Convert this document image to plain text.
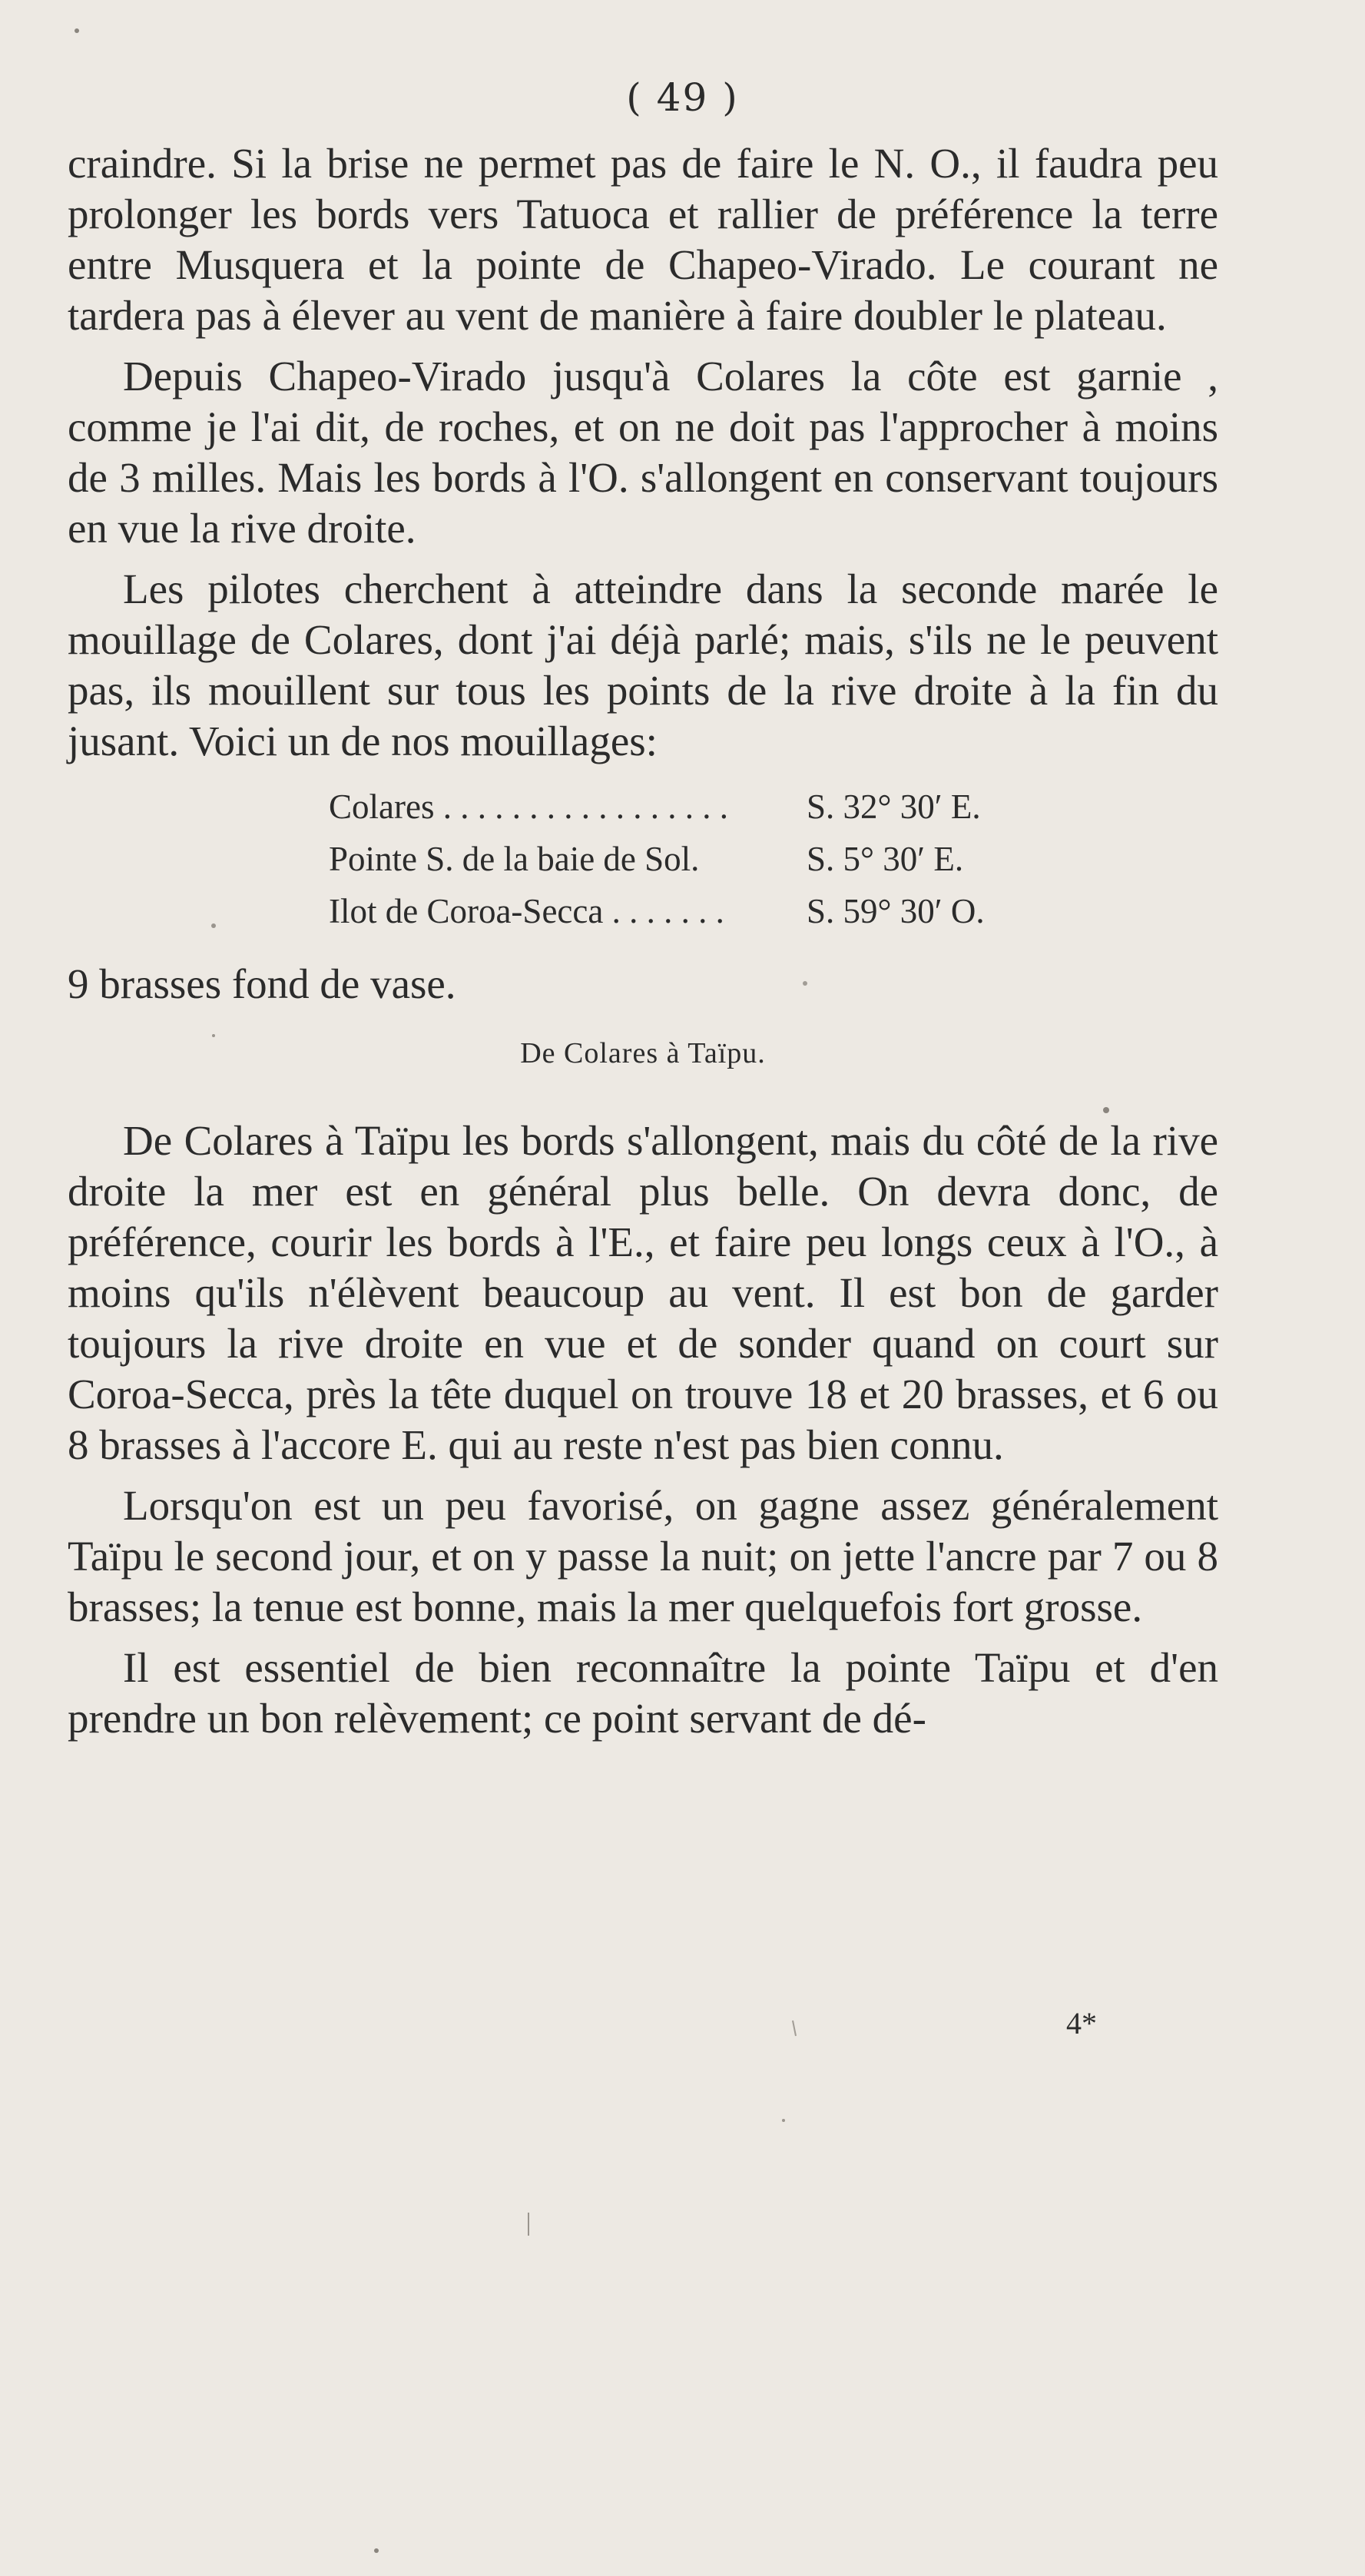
( 49 )

craindre. Si la brise ne permet pas de faire le N. O., il faudra peu prolonger les bords vers Tatuoca et rallier de préférence la terre entre Musquera et la pointe de Chapeo-Virado. Le courant ne tardera pas à élever au vent de manière à faire doubler le plateau.

Depuis Chapeo-Virado jusqu'à Colares la côte est garnie , comme je l'ai dit, de roches, et on ne doit pas l'approcher à moins de 3 milles. Mais les bords à l'O. s'allongent en conservant toujours en vue la rive droite.

Les pilotes cherchent à atteindre dans la seconde marée le mouillage de Colares, dont j'ai déjà parlé; mais, s'ils ne le peuvent pas, ils mouillent sur tous les points de la rive droite à la fin du jusant. Voici un de nos mouillages:

Colares . . . . . . . . . . . . . . . . .	S. 32° 30′ E.
Pointe S. de la baie de Sol.	S. 5° 30′ E.
Ilot de Coroa-Secca . . . . . . .	S. 59° 30′ O.

9 brasses fond de vase.

De Colares à Taïpu.

De Colares à Taïpu les bords s'allongent, mais du côté de la rive droite la mer est en général plus belle. On devra donc, de préférence, courir les bords à l'E., et faire peu longs ceux à l'O., à moins qu'ils n'élèvent beaucoup au vent. Il est bon de garder toujours la rive droite en vue et de sonder quand on court sur Coroa-Secca, près la tête duquel on trouve 18 et 20 brasses, et 6 ou 8 brasses à l'accore E. qui au reste n'est pas bien connu.

Lorsqu'on est un peu favorisé, on gagne assez généralement Taïpu le second jour, et on y passe la nuit; on jette l'ancre par 7 ou 8 brasses; la tenue est bonne, mais la mer quelquefois fort grosse.

Il est essentiel de bien reconnaître la pointe Taïpu et d'en prendre un bon relèvement; ce point servant de dé-

4*
